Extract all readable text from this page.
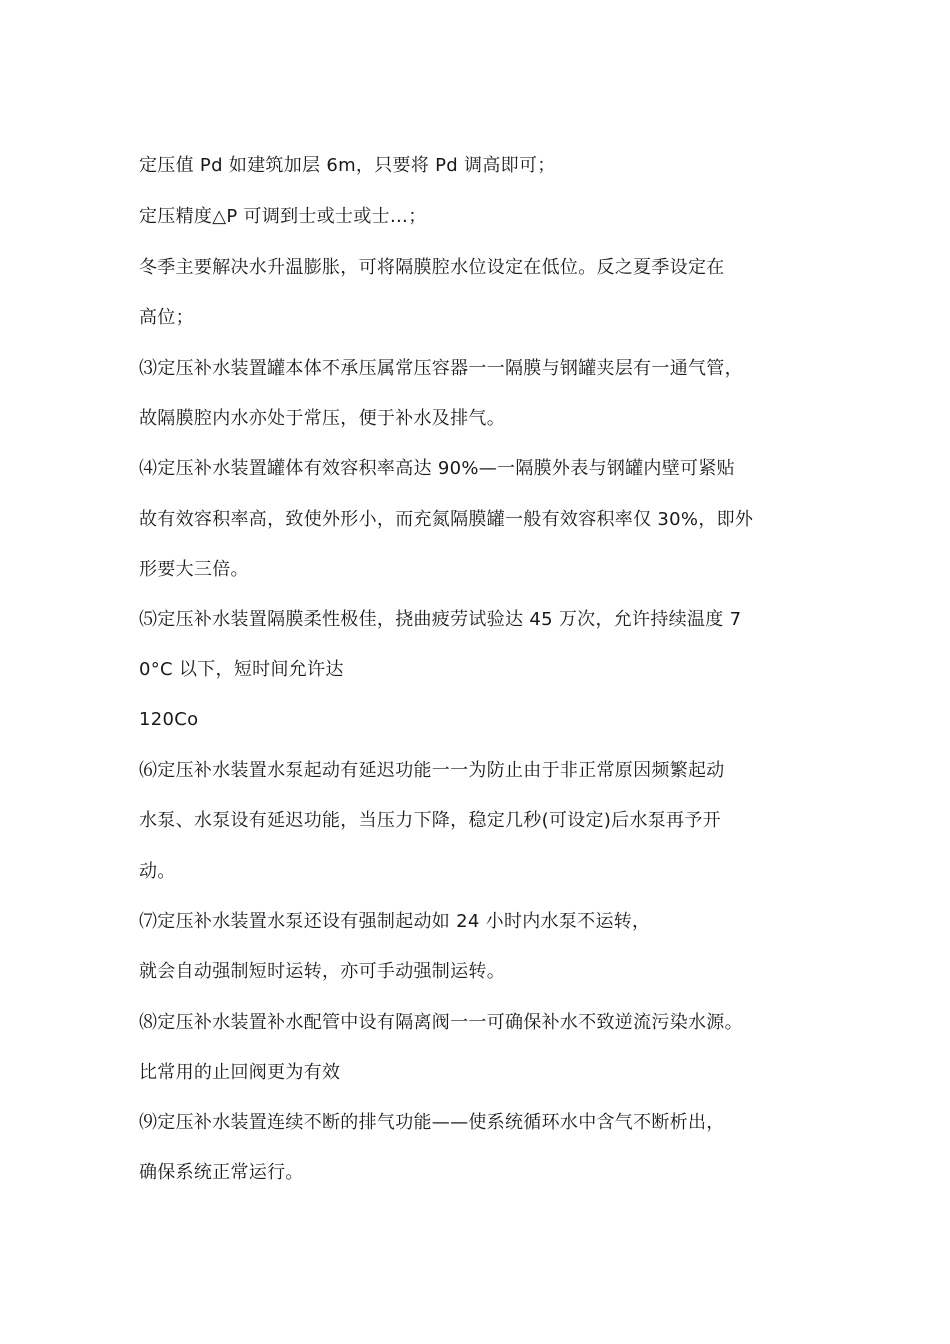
定压值 Pd 如建筑加层 6m，只要将 Pd 调高即可；

定压精度△P 可调到士或士或士…；

冬季主要解决水升温膨胀，可将隔膜腔水位设定在低位。反之夏季设定在

高位；

⑶定压补水装置罐本体不承压属常压容器一一隔膜与钢罐夹层有一通气管，

故隔膜腔内水亦处于常压，便于补水及排气。

⑷定压补水装置罐体有效容积率高达 90%—一隔膜外表与钢罐内壁可紧贴

故有效容积率高，致使外形小，而充氮隔膜罐一般有效容积率仅 30%，即外

形要大三倍。

⑸定压补水装置隔膜柔性极佳，挠曲疲劳试验达 45 万次，允许持续温度 7

0°C 以下，短时间允许达

120Co

⑹定压补水装置水泵起动有延迟功能一一为防止由于非正常原因频繁起动

水泵、水泵设有延迟功能，当压力下降，稳定几秒(可设定)后水泵再予开

动。

⑺定压补水装置水泵还设有强制起动如 24 小时内水泵不运转，

就会自动强制短时运转，亦可手动强制运转。

⑻定压补水装置补水配管中设有隔离阀一一可确保补水不致逆流污染水源。

比常用的止回阀更为有效

⑼定压补水装置连续不断的排气功能——使系统循环水中含气不断析出，

确保系统正常运行。
